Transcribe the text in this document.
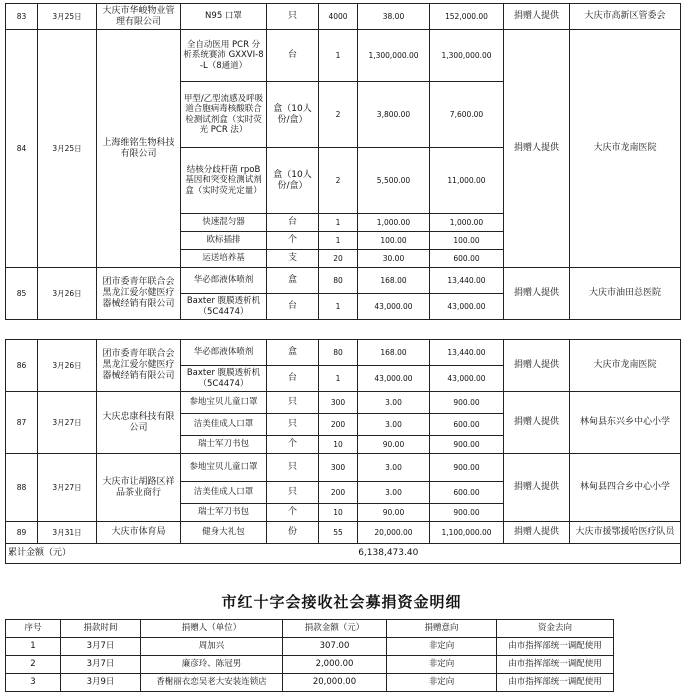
83	3月25日	大庆市华峻物业管理有限公司	N95 口罩	只	4000	38.00	152,000.00	捐赠人提供	大庆市高新区管委会
84	3月25日	上海维铭生物科技有限公司	全自动医用 PCR 分析系统赛沛 GXXVI-8-L（8通道）	台	1	1,300,000.00	1,300,000.00	捐赠人提供	大庆市龙南医院
			甲型/乙型流感及呼吸道合胞病毒核酸联合检测试剂盒（实时荧光 PCR 法）	盒（10人份/盒）	2	3,800.00	7,600.00		
			结核分歧杆菌 rpoB 基因和突变检测试剂盒（实时荧光定量）	盒（10人份/盒）	2	5,500.00	11,000.00		
			快速混匀器	台	1	1,000.00	1,000.00		
			欧标插排	个	1	100.00	100.00		
			运送培养基	支	20	30.00	600.00		
85	3月26日	团市委青年联合会 黑龙江爱尔健医疗器械经销有限公司	华必郎液体喷剂	盒	80	168.00	13,440.00	捐赠人提供	大庆市油田总医院
			Baxter 腹膜透析机（5C4474）	台	1	43,000.00	43,000.00		
86	3月26日	团市委青年联合会 黑龙江爱尔健医疗器械经销有限公司	华必郎液体喷剂	盒	80	168.00	13,440.00	捐赠人提供	大庆市龙南医院
			Baxter 腹膜透析机（5C4474）	台	1	43,000.00	43,000.00		
87	3月27日	大庆忠康科技有限公司	参地宝贝儿童口罩	只	300	3.00	900.00	捐赠人提供	林甸县东兴乡中心小学
			洁美佳成人口罩	只	200	3.00	600.00		
			瑞士军刀书包	个	10	90.00	900.00		
88	3月27日	大庆市让胡路区祥品茶业商行	参地宝贝儿童口罩	只	300	3.00	900.00	捐赠人提供	林甸县四合乡中心小学
			洁美佳成人口罩	只	200	3.00	600.00		
			瑞士军刀书包	个	10	90.00	900.00		
89	3月31日	大庆市体育局	健身大礼包	份	55	20,000.00	1,100,000.00	捐赠人提供	大庆市援鄂援哈医疗队员
累计金额（元）		6,138,473.40							
市红十字会接收社会募捐资金明细
序号	捐款时间	捐赠人（单位）	捐款金额（元）	捐赠意向	资金去向
1	3月7日	周加兴	307.00	非定向	由市指挥部统一调配使用
2	3月7日	廉彦玲、陈冠男	2,000.00	非定向	由市指挥部统一调配使用
3	3月9日	香榭丽衣恋吴老大安装连锁店	20,000.00	非定向	由市指挥部统一调配使用
